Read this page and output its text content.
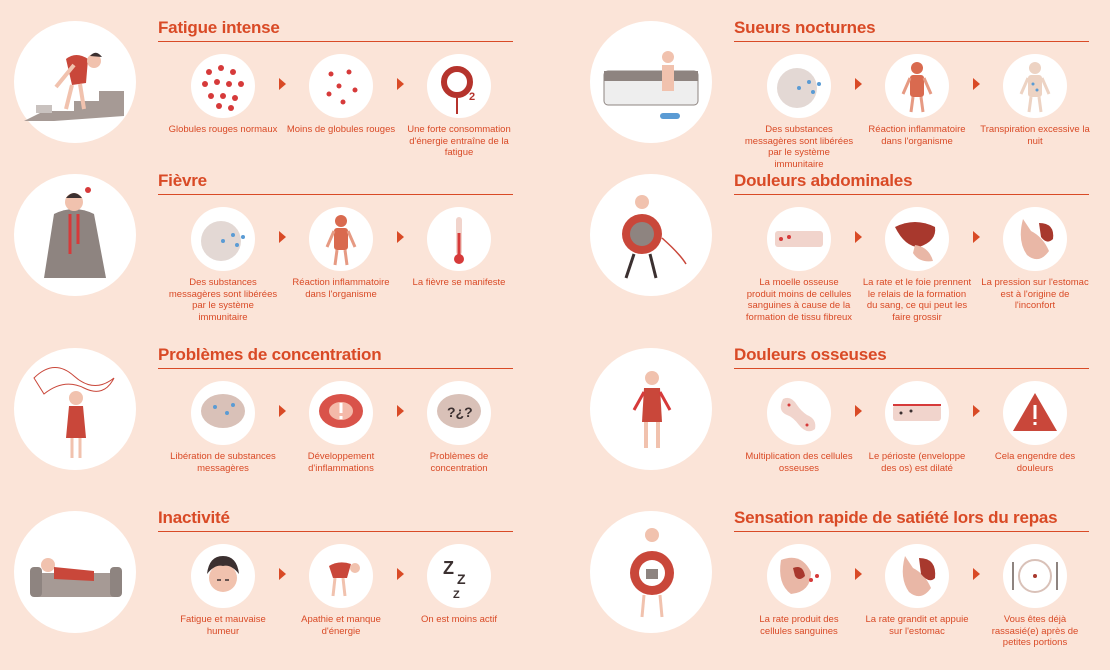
Fatigue intense
Globules rouges normaux Moins de globules rouges
2
Une forte consommation d'énergie entraîne de la fatigue
Fièvre
Des substances messagères sont libérées par le système immunitaire
Réaction inflammatoire dans l'organisme
La fièvre se manifeste
Problèmes de concentration
Libération de substances messagères
Développement d'inflammations
?¿?
Problèmes de concentration
Inactivité
Fatigue et mauvaise humeur
Apathie et manque d'énergie
Z
Z
Z
On est moins actif
Sueurs nocturnes
Des substances messagères sont libérées par le système immunitaire
Réaction inflammatoire dans l'organisme
Transpiration excessive la nuit
Douleurs abdominales
La moelle osseuse produit moins de cellules sanguines à cause de la formation de tissu fibreux
La rate et le foie prennent le relais de la formation du sang, ce qui peut les faire grossir
La pression sur l'estomac est à l'origine de l'inconfort
Douleurs osseuses
Multiplication des cellules osseuses
Le périoste (enveloppe des os) est dilaté
Cela engendre des douleurs
Sensation rapide de satiété lors du repas
La rate produit des cellules sanguines
La rate grandit et appuie sur l'estomac
Vous êtes déjà rassasié(e) après de petites portions
